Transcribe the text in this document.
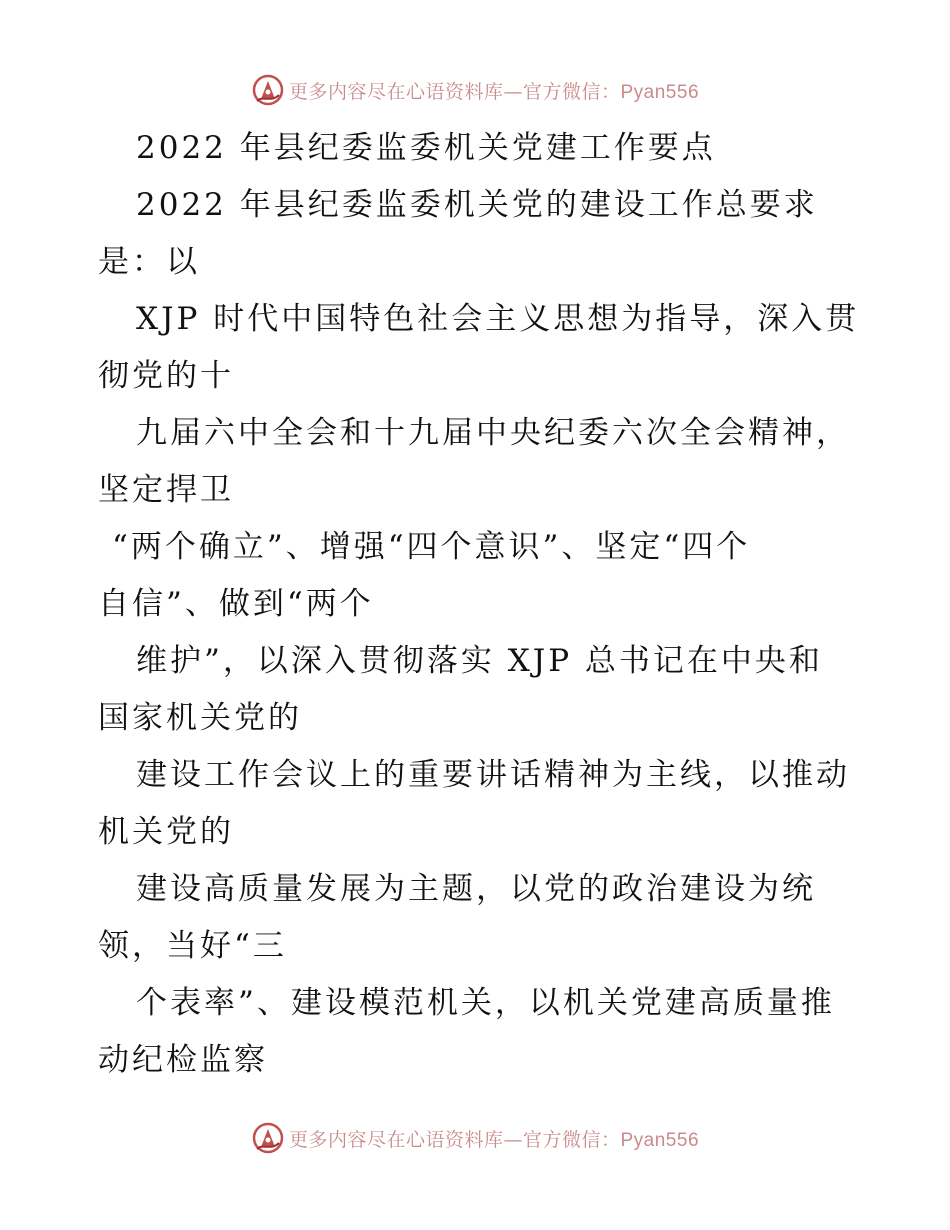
更多内容尽在心语资料库—官方微信：Pyan556
2022 年县纪委监委机关党建工作要点
2022 年县纪委监委机关党的建设工作总要求
是：以
XJP 时代中国特色社会主义思想为指导，深入贯
彻党的十
九届六中全会和十九届中央纪委六次全会精神，
坚定捍卫
“两个确立”、增强“四个意识”、坚定“四个
自信”、做到“两个
维护”，以深入贯彻落实 XJP 总书记在中央和
国家机关党的
建设工作会议上的重要讲话精神为主线，以推动
机关党的
建设高质量发展为主题，以党的政治建设为统
领，当好“三
个表率”、建设模范机关，以机关党建高质量推
动纪检监察
更多内容尽在心语资料库—官方微信：Pyan556
